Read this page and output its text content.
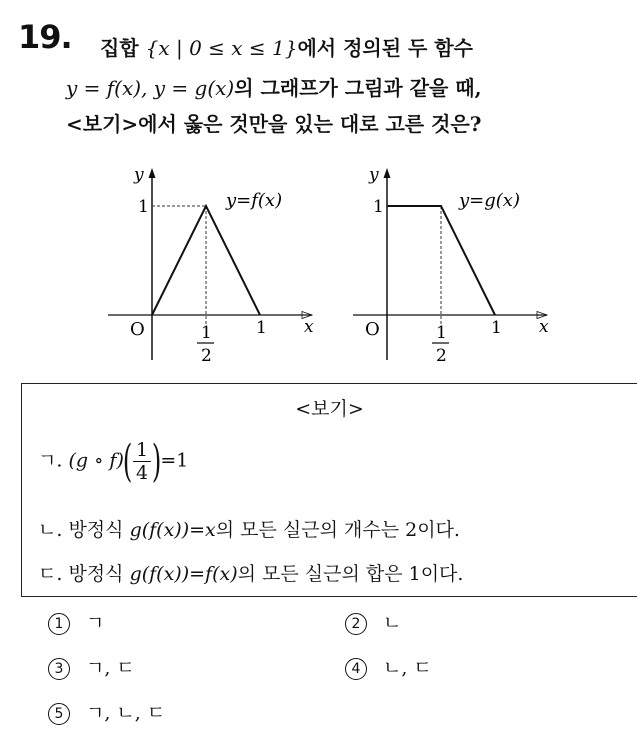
19. 집합 {x | 0 ≤ x ≤ 1}에서 정의된 두 함수
y = f(x), y = g(x)의 그래프가 그림과 같을 때,
<보기>에서 옳은 것만을 있는 대로 고른 것은?
y
1
O	1 x
1
2
y=f(x)
y
1
O	1 x
1
2
y=g(x)
<보기>
ㄱ. (g ∘ $f)( \frac{1}{4} )=1$
ㄴ. 방정식 g(f(x))=x의 모든 실근의 개수는 2이다.
ㄷ. 방정식 g(f(x))=f(x)의 모든 실근의 합은 1이다.
1 ㄱ	2 ㄴ
3 ㄱ, ㄷ	4 ㄴ, ㄷ
5 ㄱ, ㄴ, ㄷ
